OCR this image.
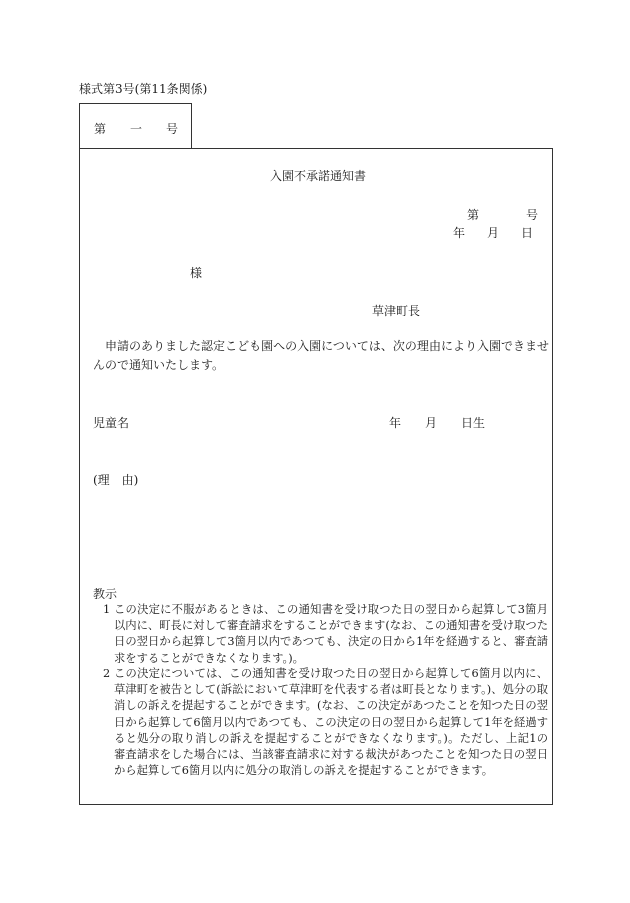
様式第3号(第11条関係)
第 一 号
入園不承諾通知書
第	号
年 月 日
様
草津町長
申請のありました認定こども園への入園については、次の理由により入園できませんので通知いたします。
児童名	年 月 日生
(理　由)
教示
1 この決定に不服があるときは、この通知書を受け取つた日の翌日から起算して3箇月以内に、町長に対して審査請求をすることができます(なお、この通知書を受け取つた日の翌日から起算して3箇月以内であつても、決定の日から1年を経過すると、審査請求をすることができなくなります。)。
2 この決定については、この通知書を受け取つた日の翌日から起算して6箇月以内に、草津町を被告として(訴訟において草津町を代表する者は町長となります。)、処分の取消しの訴えを提起することができます。(なお、この決定があつたことを知つた日の翌日から起算して6箇月以内であつても、この決定の日の翌日から起算して1年を経過すると処分の取り消しの訴えを提起することができなくなります。)。ただし、上記1の審査請求をした場合には、当該審査請求に対する裁決があつたことを知つた日の翌日から起算して6箇月以内に処分の取消しの訴えを提起することができます。
